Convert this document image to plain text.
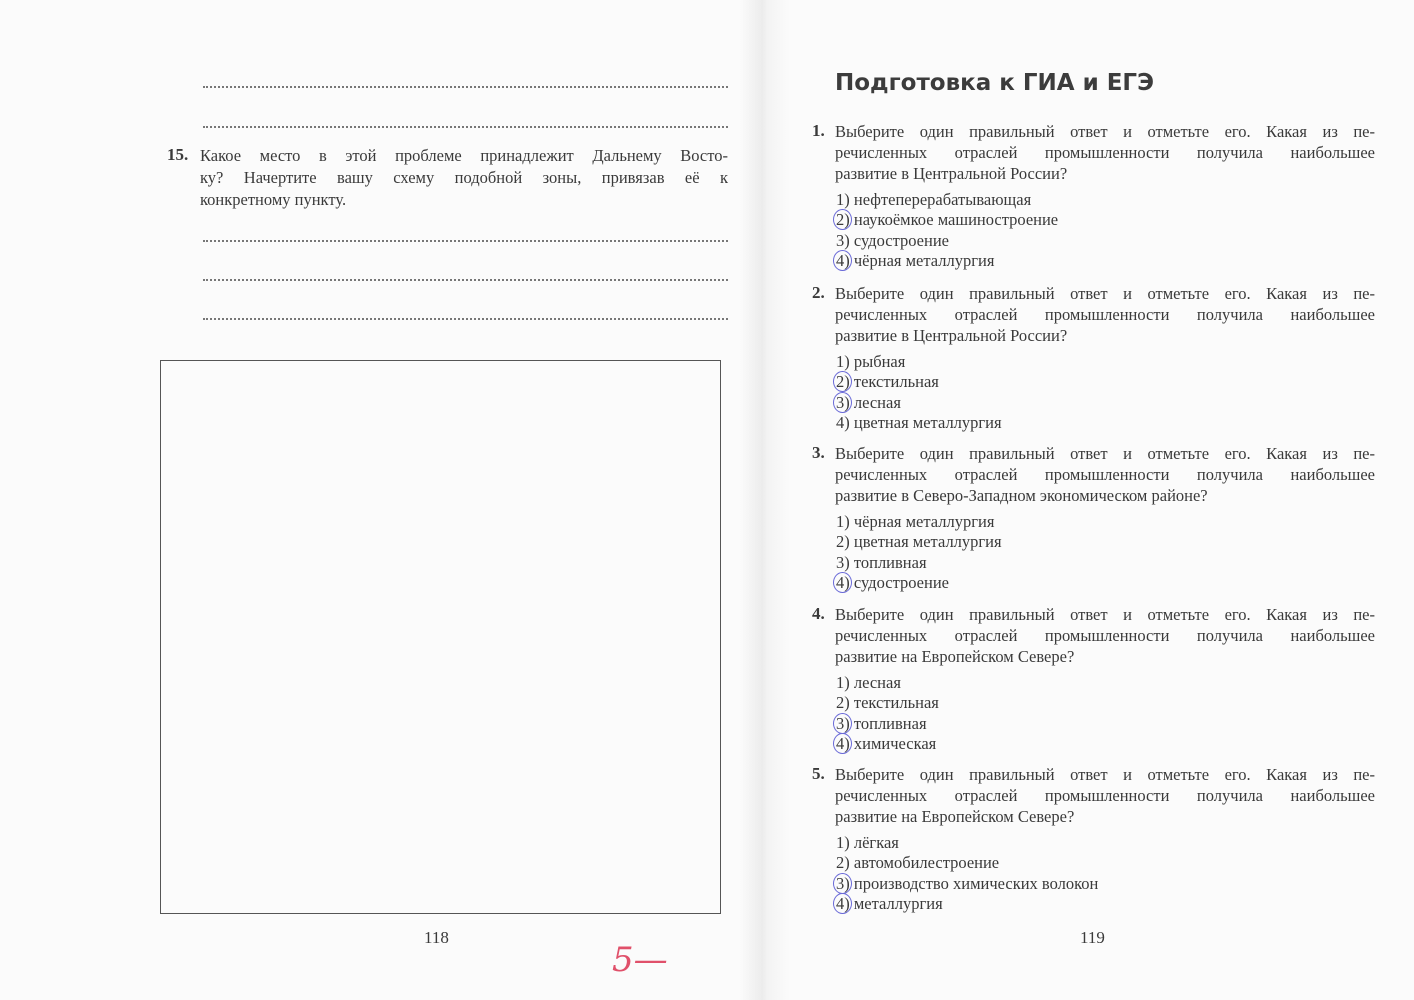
15. Какое место в этой проблеме принадлежит Дальнему Восто-
ку? Начертите вашу схему подобной зоны, привязав её к
конкретному пункту.
118
5—
Подготовка к ГИА и ЕГЭ
1. Выберите один правильный ответ и отметьте его. Какая из пе-
речисленных отраслей промышленности получила наибольшее
развитие в Центральной России?
1) нефтеперерабатывающая
2) наукоёмкое машиностроение
3) судостроение
4) чёрная металлургия
2. Выберите один правильный ответ и отметьте его. Какая из пе-
речисленных отраслей промышленности получила наибольшее
развитие в Центральной России?
1) рыбная
2) текстильная
3) лесная
4) цветная металлургия
3. Выберите один правильный ответ и отметьте его. Какая из пе-
речисленных отраслей промышленности получила наибольшее
развитие в Северо-Западном экономическом районе?
1) чёрная металлургия
2) цветная металлургия
3) топливная
4) судостроение
4. Выберите один правильный ответ и отметьте его. Какая из пе-
речисленных отраслей промышленности получила наибольшее
развитие на Европейском Севере?
1) лесная
2) текстильная
3) топливная
4) химическая
5. Выберите один правильный ответ и отметьте его. Какая из пе-
речисленных отраслей промышленности получила наибольшее
развитие на Европейском Севере?
1) лёгкая
2) автомобилестроение
3) производство химических волокон
4) металлургия
119
